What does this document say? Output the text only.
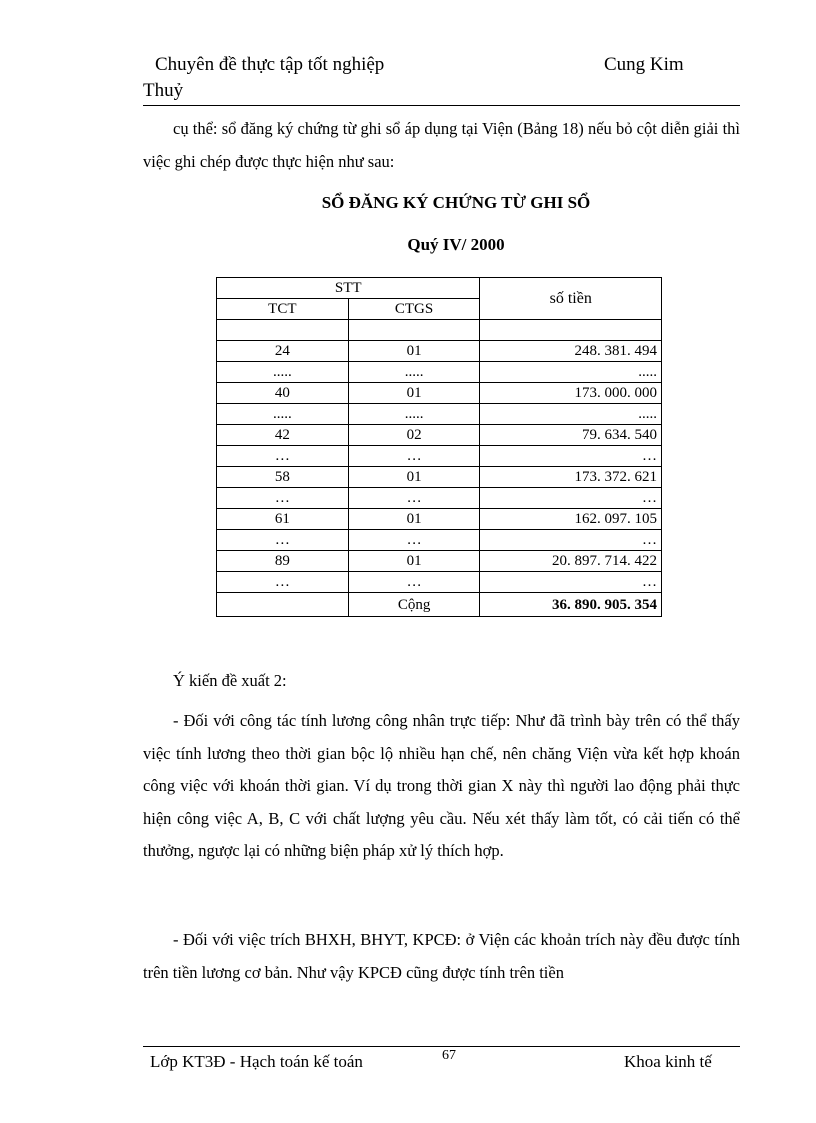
Chuyên đề thực tập tốt nghiệp	Cung Kim
Thuỷ
cụ thể: sổ đăng ký chứng từ ghi sổ áp dụng tại Viện (Bảng 18) nếu bỏ cột diễn giải thì việc ghi chép được thực hiện như sau:
SỔ ĐĂNG KÝ CHỨNG TỪ GHI SỔ
Quý IV/ 2000
STT		số tiền
TCT	CTGS	

24	01	248. 381. 494
.....	.....	.....
40	01	173. 000. 000
.....	.....	.....
42	02	79. 634. 540
…	…	…
58	01	173. 372. 621
…	…	…
61	01	162. 097. 105
…	…	…
89	01	20. 897. 714. 422
…	…	…
	Cộng	36. 890. 905. 354
Ý kiến đề xuất 2:
- Đối với công tác tính lương công nhân trực tiếp: Như đã trình bày trên có thể thấy việc tính lương theo thời gian bộc lộ nhiều hạn chế, nên chăng Viện vừa kết hợp khoán công việc với khoán thời gian. Ví dụ trong thời gian X này thì người lao động phải thực hiện công việc A, B, C với chất lượng yêu cầu. Nếu xét thấy làm tốt, có cải tiến có thể thưởng, ngược lại có những biện pháp xử lý thích hợp.
- Đối với việc trích BHXH, BHYT, KPCĐ: ở Viện các khoản trích này đều được tính trên tiền lương cơ bản. Như vậy KPCĐ cũng được tính trên tiền
Lớp KT3Đ - Hạch toán kế toán	67	Khoa kinh tế
